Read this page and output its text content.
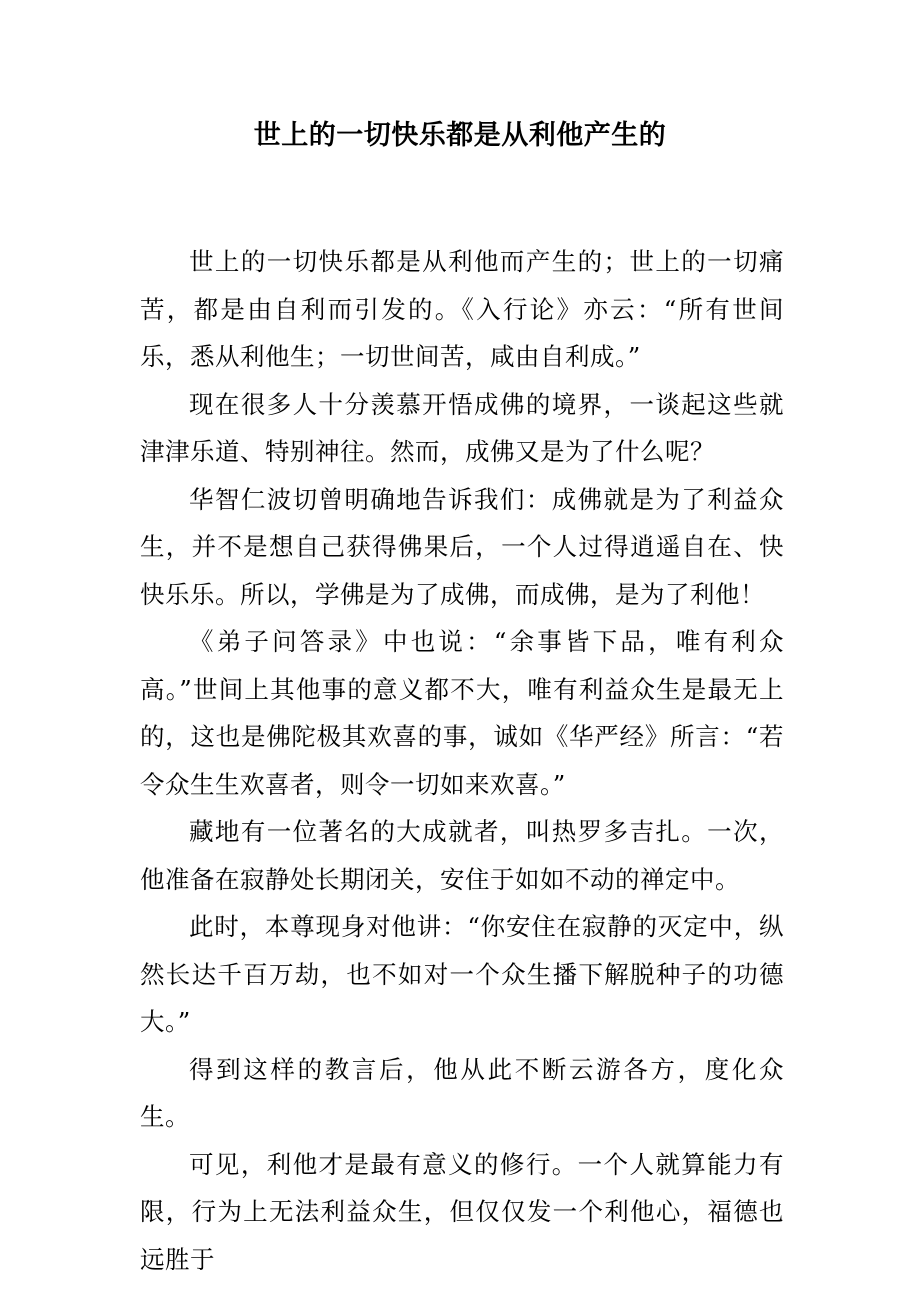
世上的一切快乐都是从利他产生的

世上的一切快乐都是从利他而产生的；世上的一切痛苦，都是由自利而引发的。《入行论》亦云：“所有世间乐，悉从利他生；一切世间苦，咸由自利成。”

现在很多人十分羡慕开悟成佛的境界，一谈起这些就津津乐道、特别神往。然而，成佛又是为了什么呢？

华智仁波切曾明确地告诉我们：成佛就是为了利益众生，并不是想自己获得佛果后，一个人过得逍遥自在、快快乐乐。所以，学佛是为了成佛，而成佛，是为了利他！

《弟子问答录》中也说：“余事皆下品，唯有利众高。”世间上其他事的意义都不大，唯有利益众生是最无上的，这也是佛陀极其欢喜的事，诚如《华严经》所言：“若令众生生欢喜者，则令一切如来欢喜。”

藏地有一位著名的大成就者，叫热罗多吉扎。一次，他准备在寂静处长期闭关，安住于如如不动的禅定中。

此时，本尊现身对他讲：“你安住在寂静的灭定中，纵然长达千百万劫，也不如对一个众生播下解脱种子的功德大。”

得到这样的教言后，他从此不断云游各方，度化众生。

可见，利他才是最有意义的修行。一个人就算能力有限，行为上无法利益众生，但仅仅发一个利他心，福德也远胜于
